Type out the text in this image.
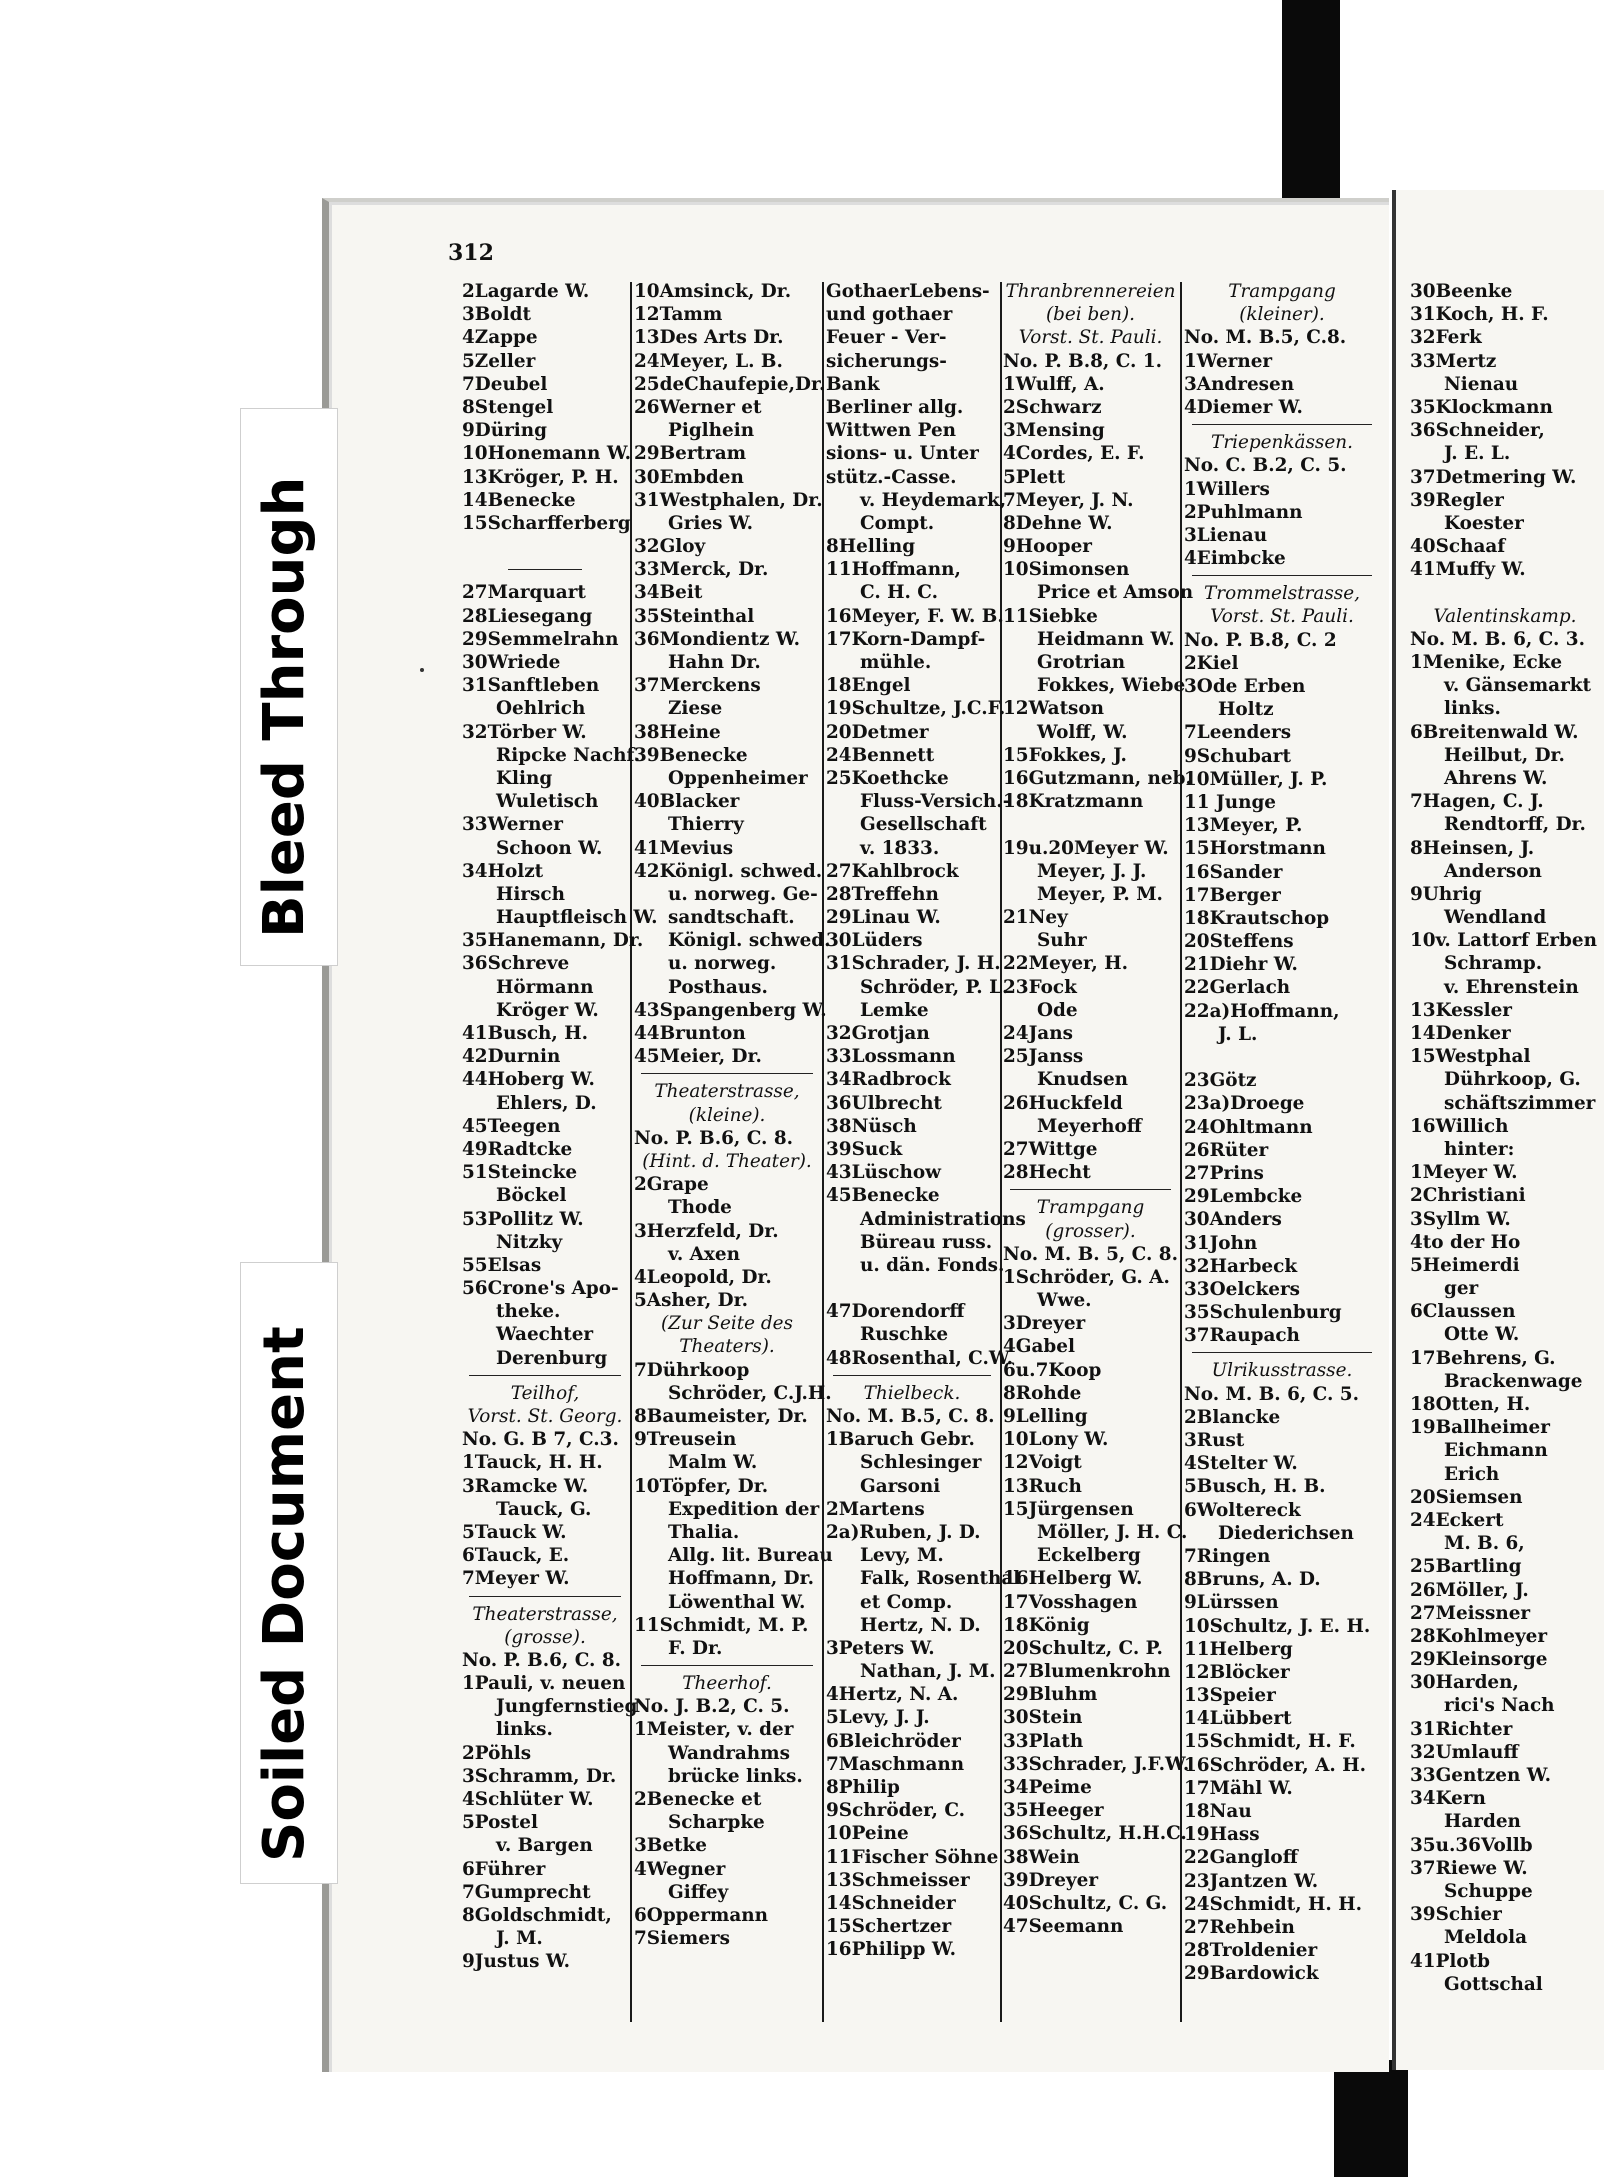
312
2Lagarde W.
3Boldt
4Zappe
5Zeller
7Deubel
8Stengel
9Düring
10Honemann W.
13Kröger, P. H.
14Benecke
15Scharfferberg
27Marquart
28Liesegang
29Semmelrahn
30Wriede
31Sanftleben
Oehlrich
32Törber W.
Ripcke Nachf.
Kling
Wuletisch
33Werner
Schoon W.
34Holzt
Hirsch
Hauptfleisch W.
35Hanemann, Dr.
36Schreve
Hörmann
Kröger W.
41Busch, H.
42Durnin
44Hoberg W.
Ehlers, D.
45Teegen
49Radtcke
51Steincke
Böckel
53Pollitz W.
Nitzky
55Elsas
56Crone's Apo-
theke.
Waechter
Derenburg
Teilhof,
Vorst. St. Georg.
No. G. B 7, C.3.
1Tauck, H. H.
3Ramcke W.
Tauck, G.
5Tauck W.
6Tauck, E.
7Meyer W.
Theaterstrasse,
(grosse).
No. P. B.6, C. 8.
1Pauli, v. neuen
Jungfernstieg
links.
2Pöhls
3Schramm, Dr.
4Schlüter W.
5Postel
v. Bargen
6Führer
7Gumprecht
8Goldschmidt,
J. M.
9Justus W.
10Amsinck, Dr.
12Tamm
13Des Arts Dr.
24Meyer, L. B.
25deChaufepie,Dr.
26Werner et
Piglhein
29Bertram
30Embden
31Westphalen, Dr.
Gries W.
32Gloy
33Merck, Dr.
34Beit
35Steinthal
36Mondientz W.
Hahn Dr.
37Merckens
Ziese
38Heine
39Benecke
Oppenheimer
40Blacker
Thierry
41Mevius
42Königl. schwed.
u. norweg. Ge-
sandtschaft.
Königl. schwed.
u. norweg.
Posthaus.
43Spangenberg W.
44Brunton
45Meier, Dr.
Theaterstrasse,
(kleine).
No. P. B.6, C. 8.
(Hint. d. Theater).
2Grape
Thode
3Herzfeld, Dr.
v. Axen
4Leopold, Dr.
5Asher, Dr.
(Zur Seite des
Theaters).
7Dührkoop
Schröder, C.J.H.
8Baumeister, Dr.
9Treusein
Malm W.
10Töpfer, Dr.
Expedition der
Thalia.
Allg. lit. Bureau
Hoffmann, Dr.
Löwenthal W.
11Schmidt, M. P.
F. Dr.
Theerhof.
No. J. B.2, C. 5.
1Meister, v. der
Wandrahms
brücke links.
2Benecke et
Scharpke
3Betke
4Wegner
Giffey
6Oppermann
7Siemers
GothaerLebens-
und gothaer
Feuer - Ver-
sicherungs-
Bank
Berliner allg.
Wittwen Pen
sions- u. Unter
stütz.-Casse.
v. Heydemark,
Compt.
8Helling
11Hoffmann,
C. H. C.
16Meyer, F. W. B.
17Korn-Dampf-
mühle.
18Engel
19Schultze, J.C.F.
20Detmer
24Bennett
25Koethcke
Fluss-Versich.-
Gesellschaft
v. 1833.
27Kahlbrock
28Treffehn
29Linau W.
30Lüders
31Schrader, J. H.
Schröder, P. L.
Lemke
32Grotjan
33Lossmann
34Radbrock
36Ulbrecht
38Nüsch
39Suck
43Lüschow
45Benecke
Administrations
Büreau russ.
u. dän. Fonds.
47Dorendorff
Ruschke
48Rosenthal, C.W.
Thielbeck.
No. M. B.5, C. 8.
1Baruch Gebr.
Schlesinger
Garsoni
2Martens
2a)Ruben, J. D.
Levy, M.
Falk, Rosenthal
et Comp.
Hertz, N. D.
3Peters W.
Nathan, J. M.
4Hertz, N. A.
5Levy, J. J.
6Bleichröder
7Maschmann
8Philip
9Schröder, C.
10Peine
11Fischer Söhne
13Schmeisser
14Schneider
15Schertzer
16Philipp W.
Thranbrennereien
(bei ben).
Vorst. St. Pauli.
No. P. B.8, C. 1.
1Wulff, A.
2Schwarz
3Mensing
4Cordes, E. F.
5Plett
7Meyer, J. N.
8Dehne W.
9Hooper
10Simonsen
Price et Amson
11Siebke
Heidmann W.
Grotrian
Fokkes, Wiebe
12Watson
Wolff, W.
15Fokkes, J.
16Gutzmann, neb.
18Kratzmann
19u.20Meyer W.
Meyer, J. J.
Meyer, P. M.
21Ney
Suhr
22Meyer, H.
23Fock
Ode
24Jans
25Janss
Knudsen
26Huckfeld
Meyerhoff
27Wittge
28Hecht
Trampgang
(grosser).
No. M. B. 5, C. 8.
1Schröder, G. A.
Wwe.
3Dreyer
4Gabel
6u.7Koop
8Rohde
9Lelling
10Lony W.
12Voigt
13Ruch
15Jürgensen
Möller, J. H. C.
Eckelberg
16Helberg W.
17Vosshagen
18König
20Schultz, C. P.
27Blumenkrohn
29Bluhm
30Stein
33Plath
33Schrader, J.F.W.
34Peime
35Heeger
36Schultz, H.H.C.
38Wein
39Dreyer
40Schultz, C. G.
47Seemann
Trampgang
(kleiner).
No. M. B.5, C.8.
1Werner
3Andresen
4Diemer W.
Triepenkässen.
No. C. B.2, C. 5.
1Willers
2Puhlmann
3Lienau
4Eimbcke
Trommelstrasse,
Vorst. St. Pauli.
No. P. B.8, C. 2
2Kiel
3Ode Erben
Holtz
7Leenders
9Schubart
10Müller, J. P.
11 Junge
13Meyer, P.
15Horstmann
16Sander
17Berger
18Krautschop
20Steffens
21Diehr W.
22Gerlach
22a)Hoffmann,
J. L.
23Götz
23a)Droege
24Ohltmann
26Rüter
27Prins
29Lembcke
30Anders
31John
32Harbeck
33Oelckers
35Schulenburg
37Raupach
Ulrikusstrasse.
No. M. B. 6, C. 5.
2Blancke
3Rust
4Stelter W.
5Busch, H. B.
6Woltereck
Diederichsen
7Ringen
8Bruns, A. D.
9Lürssen
10Schultz, J. E. H.
11Helberg
12Blöcker
13Speier
14Lübbert
15Schmidt, H. F.
16Schröder, A. H.
17Mähl W.
18Nau
19Hass
22Gangloff
23Jantzen W.
24Schmidt, H. H.
27Rehbein
28Troldenier
29Bardowick
30Beenke
31Koch, H. F.
32Ferk
33Mertz
Nienau
35Klockmann
36Schneider,
J. E. L.
37Detmering W.
39Regler
Koester
40Schaaf
41Muffy W.
Valentinskamp.
No. M. B. 6, C. 3.
1Menike, Ecke
v. Gänsemarkt
links.
6Breitenwald W.
Heilbut, Dr.
Ahrens W.
7Hagen, C. J.
Rendtorff, Dr.
8Heinsen, J.
Anderson
9Uhrig
Wendland
10v. Lattorf Erben
Schramp.
v. Ehrenstein
13Kessler
14Denker
15Westphal
Dührkoop, G.
schäftszimmer
16Willich
hinter:
1Meyer W.
2Christiani
3Syllm W.
4to der Ho
5Heimerdi
ger
6Claussen
Otte W.
17Behrens, G.
Brackenwage
18Otten, H.
19Ballheimer
Eichmann
Erich
20Siemsen
24Eckert
M. B. 6,
25Bartling
26Möller, J.
27Meissner
28Kohlmeyer
29Kleinsorge
30Harden,
rici's Nach
31Richter
32Umlauff
33Gentzen W.
34Kern
Harden
35u.36Vollb
37Riewe W.
Schuppe
39Schier
Meldola
41Plotb
Gottschal
Bleed Through
Soiled Document
